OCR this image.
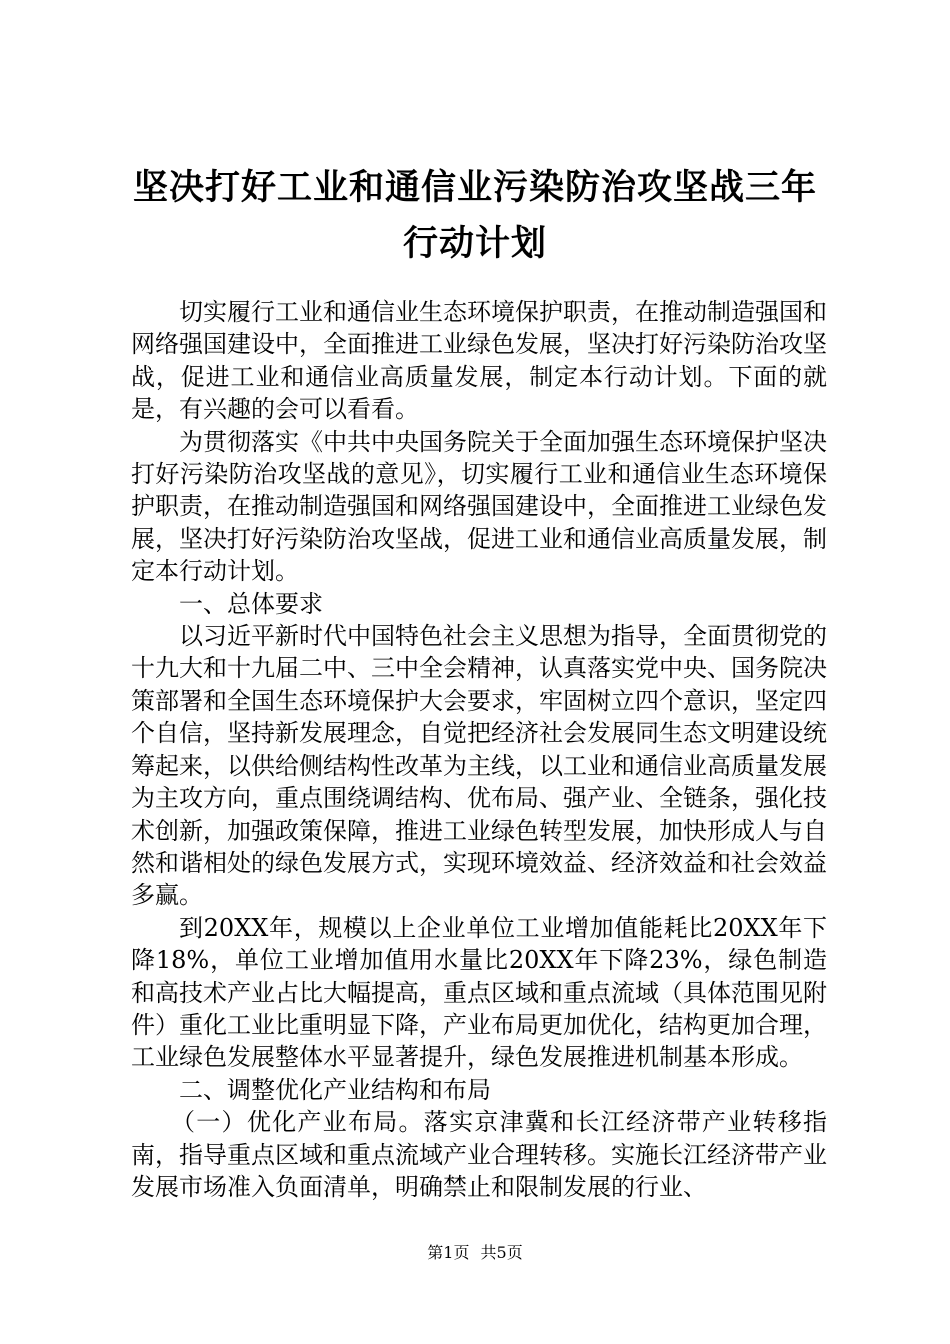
坚决打好工业和通信业污染防治攻坚战三年行动计划

切实履行工业和通信业生态环境保护职责，在推动制造强国和网络强国建设中，全面推进工业绿色发展，坚决打好污染防治攻坚战，促进工业和通信业高质量发展，制定本行动计划。下面的就是，有兴趣的会可以看看。

为贯彻落实《中共中央国务院关于全面加强生态环境保护坚决打好污染防治攻坚战的意见》，切实履行工业和通信业生态环境保护职责，在推动制造强国和网络强国建设中，全面推进工业绿色发展，坚决打好污染防治攻坚战，促进工业和通信业高质量发展，制定本行动计划。

一、总体要求

以习近平新时代中国特色社会主义思想为指导，全面贯彻党的十九大和十九届二中、三中全会精神，认真落实党中央、国务院决策部署和全国生态环境保护大会要求，牢固树立四个意识，坚定四个自信，坚持新发展理念，自觉把经济社会发展同生态文明建设统筹起来，以供给侧结构性改革为主线，以工业和通信业高质量发展为主攻方向，重点围绕调结构、优布局、强产业、全链条，强化技术创新，加强政策保障，推进工业绿色转型发展，加快形成人与自然和谐相处的绿色发展方式，实现环境效益、经济效益和社会效益多赢。

到20XX年，规模以上企业单位工业增加值能耗比20XX年下降18%，单位工业增加值用水量比20XX年下降23%，绿色制造和高技术产业占比大幅提高，重点区域和重点流域（具体范围见附件）重化工业比重明显下降，产业布局更加优化，结构更加合理，工业绿色发展整体水平显著提升，绿色发展推进机制基本形成。

二、调整优化产业结构和布局

（一）优化产业布局。落实京津冀和长江经济带产业转移指南，指导重点区域和重点流域产业合理转移。实施长江经济带产业发展市场准入负面清单，明确禁止和限制发展的行业、

第1页 共5页
